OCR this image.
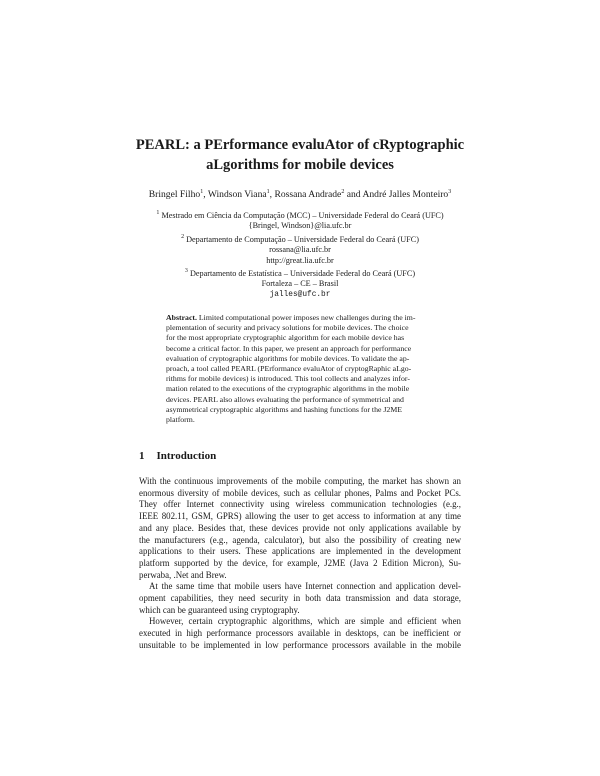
PEARL: a PErformance evaluAtor of cRyptographic
aLgorithms for mobile devices
Bringel Filho$^1$, Windson Viana$^1$, Rossana Andrade$^2$ and André Jalles Monteiro$^3$
$^1$ Mestrado em Ciência da Computação (MCC) – Universidade Federal do Ceará (UFC)
{Bringel, Windson}@lia.ufc.br
$^2$ Departamento de Computação – Universidade Federal do Ceará (UFC)
rossana@lia.ufc.br
http://great.lia.ufc.br
$^3$ Departamento de Estatística – Universidade Federal do Ceará (UFC)
Fortaleza – CE – Brasil
jalles@ufc.br
Abstract. Limited computational power imposes new challenges during the im-
plementation of security and privacy solutions for mobile devices. The choice
for the most appropriate cryptographic algorithm for each mobile device has
become a critical factor. In this paper, we present an approach for performance
evaluation of cryptographic algorithms for mobile devices. To validate the ap-
proach, a tool called PEARL (PErformance evaluAtor of cryptogRaphic aLgo-
rithms for mobile devices) is introduced. This tool collects and analyzes infor-
mation related to the executions of the cryptographic algorithms in the mobile
devices. PEARL also allows evaluating the performance of symmetrical and
asymmetrical cryptographic algorithms and hashing functions for the J2ME
platform.
1 Introduction
With the continuous improvements of the mobile computing, the market has shown an
enormous diversity of mobile devices, such as cellular phones, Palms and Pocket PCs.
They offer Internet connectivity using wireless communication technologies (e.g.,
IEEE 802.11, GSM, GPRS) allowing the user to get access to information at any time
and any place. Besides that, these devices provide not only applications available by
the manufacturers (e.g., agenda, calculator), but also the possibility of creating new
applications to their users. These applications are implemented in the development
platform supported by the device, for example, J2ME (Java 2 Edition Micron), Su-
perwaba, .Net and Brew.
At the same time that mobile users have Internet connection and application devel-
opment capabilities, they need security in both data transmission and data storage,
which can be guaranteed using cryptography.
However, certain cryptographic algorithms, which are simple and efficient when
executed in high performance processors available in desktops, can be inefficient or
unsuitable to be implemented in low performance processors available in the mobile
